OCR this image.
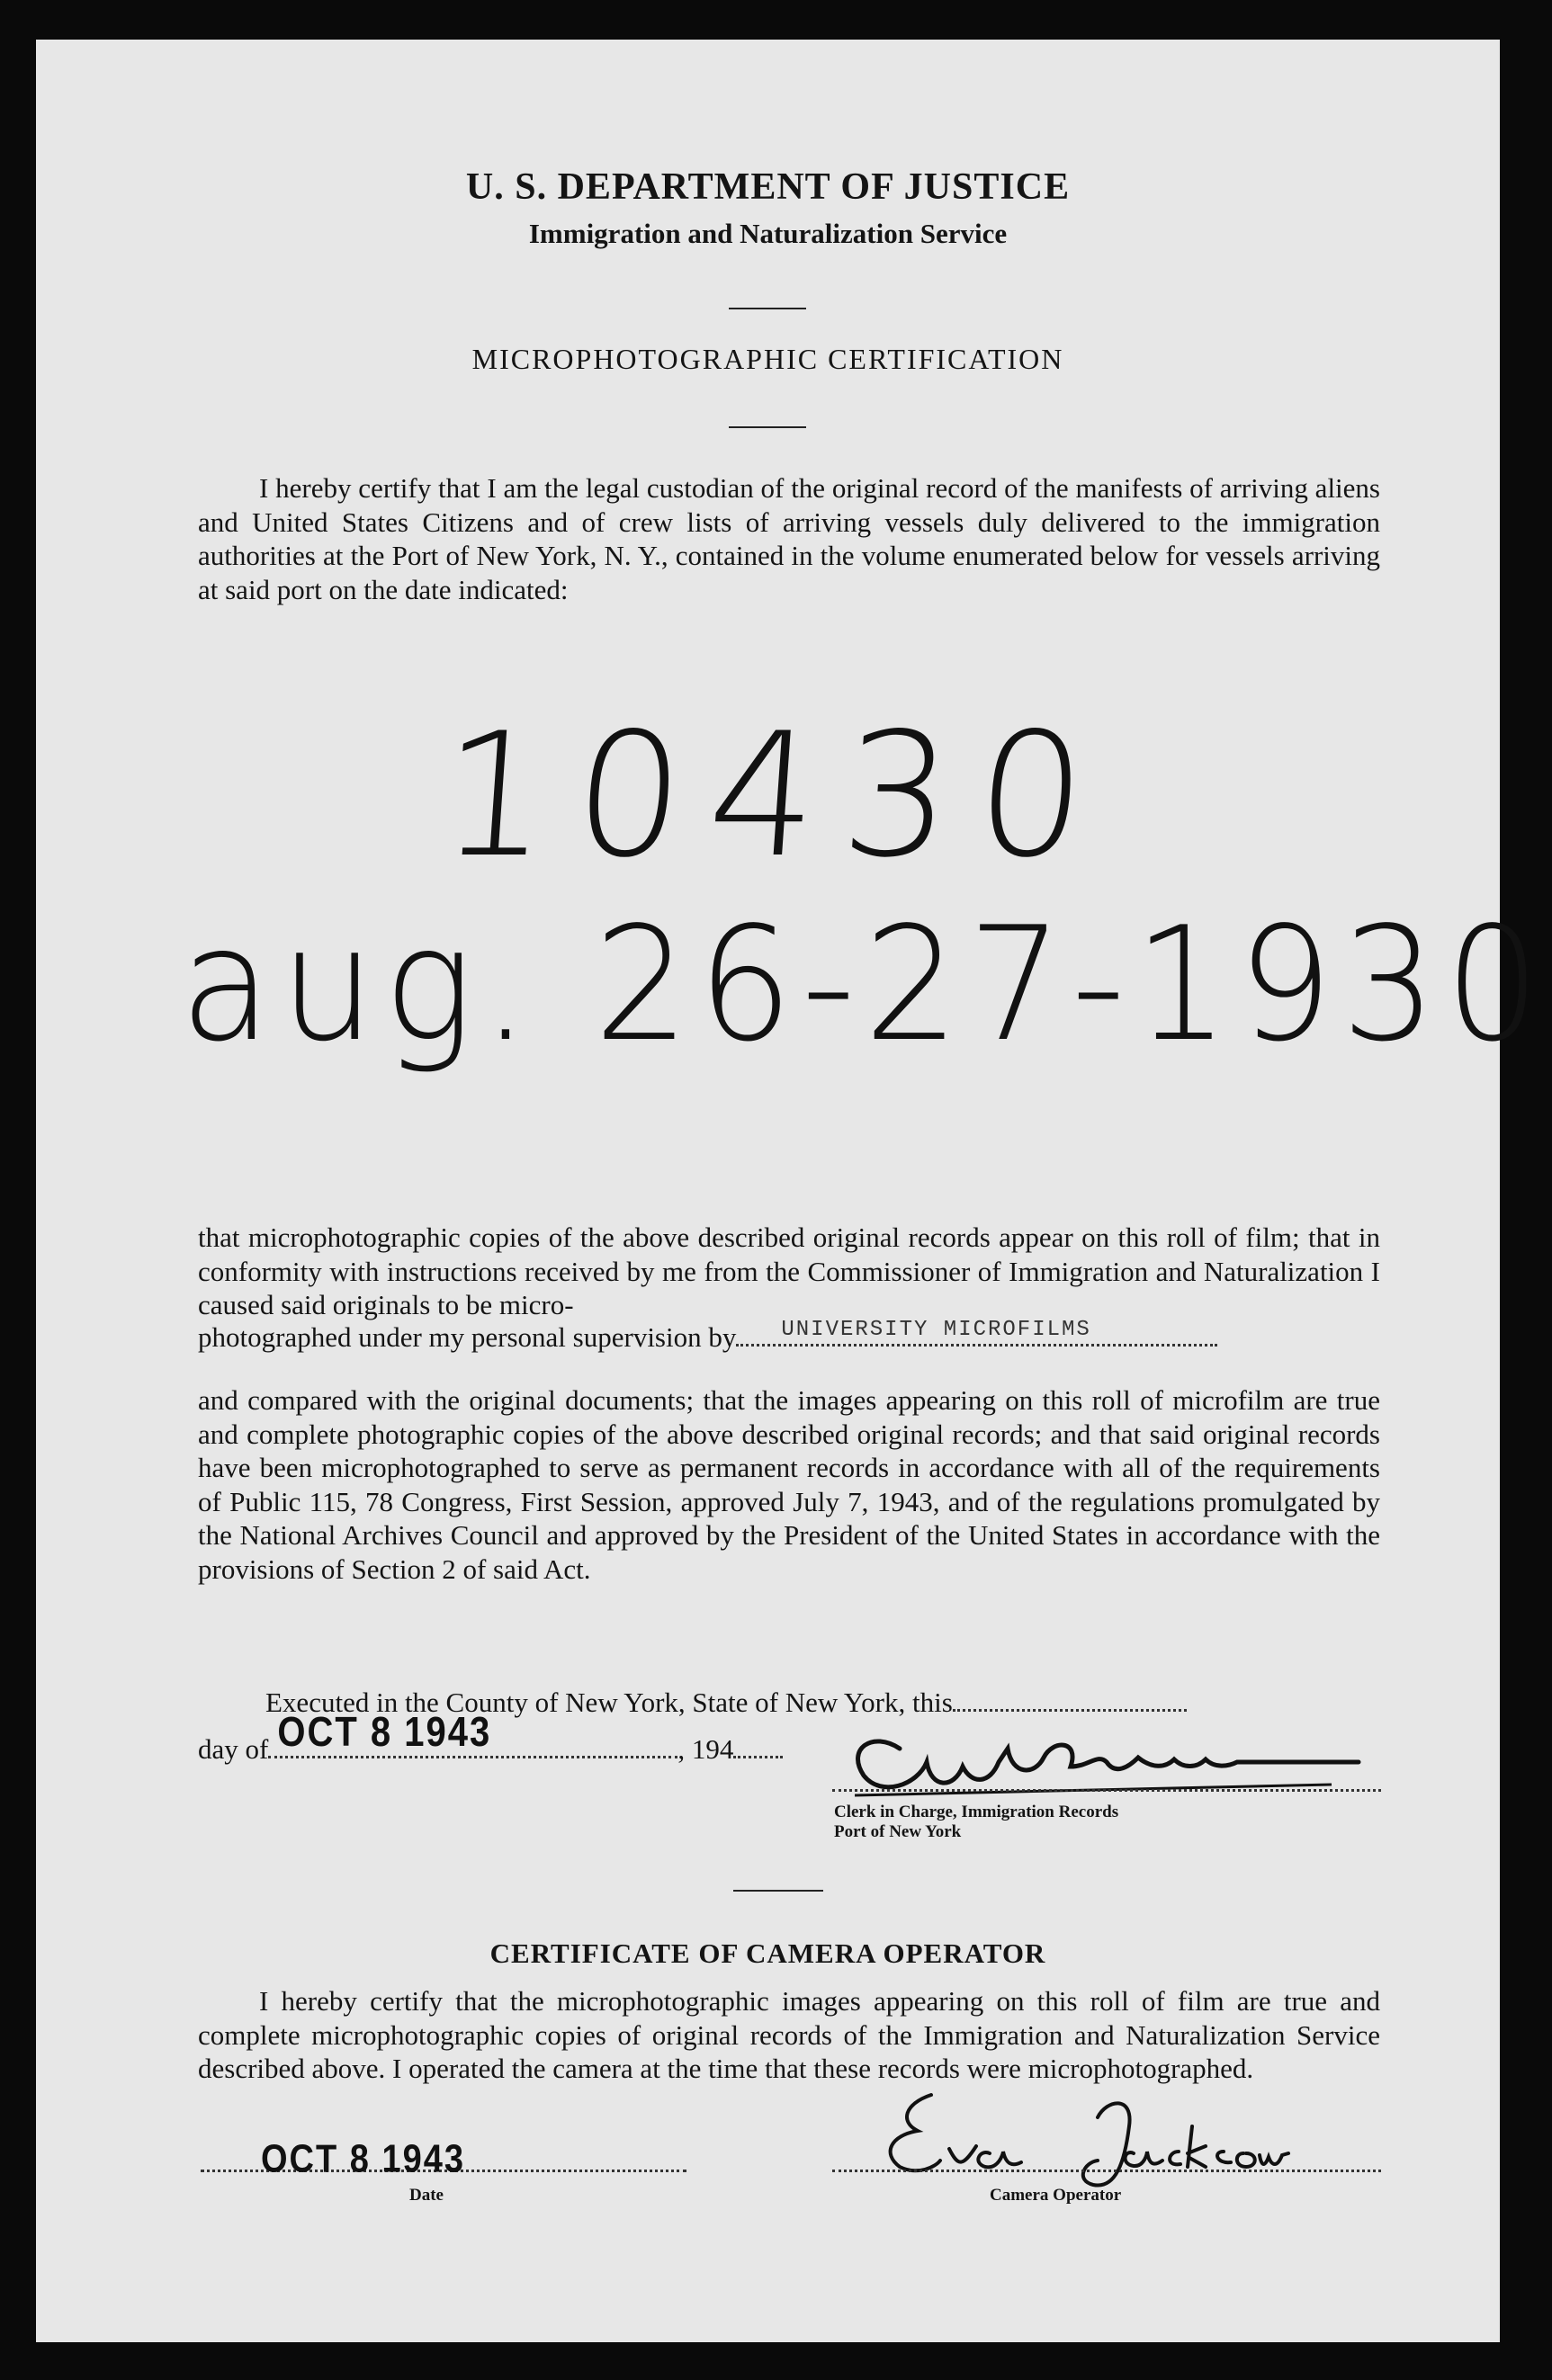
U. S. DEPARTMENT OF JUSTICE
Immigration and Naturalization Service
MICROPHOTOGRAPHIC CERTIFICATION

I hereby certify that I am the legal custodian of the original record of the manifests of arriving aliens and United States Citizens and of crew lists of arriving vessels duly delivered to the immigration authorities at the Port of New York, N. Y., contained in the volume enumerated below for vessels arriving at said port on the date indicated:

10430
aug. 26-27-1930

that microphotographic copies of the above described original records appear on this roll of film; that in conformity with instructions received by me from the Commissioner of Immigration and Naturalization I caused said originals to be micro-

photographed under my personal supervision by UNIVERSITY MICROFILMS

and compared with the original documents; that the images appearing on this roll of microfilm are true and complete photographic copies of the above described original records; and that said original records have been microphotographed to serve as permanent records in accordance with all of the requirements of Public 115, 78 Congress, First Session, approved July 7, 1943, and of the regulations promulgated by the National Archives Council and approved by the President of the United States in accordance with the provisions of Section 2 of said Act.

Executed in the County of New York, State of New York, this
day of OCT 8 1943	, 194
Clerk in Charge, Immigration Records
Port of New York
CERTIFICATE OF CAMERA OPERATOR

I hereby certify that the microphotographic images appearing on this roll of film are true and complete microphotographic copies of original records of the Immigration and Naturalization Service described above. I operated the camera at the time that these records were microphotographed.

OCT 8 1943
Date	Camera Operator
